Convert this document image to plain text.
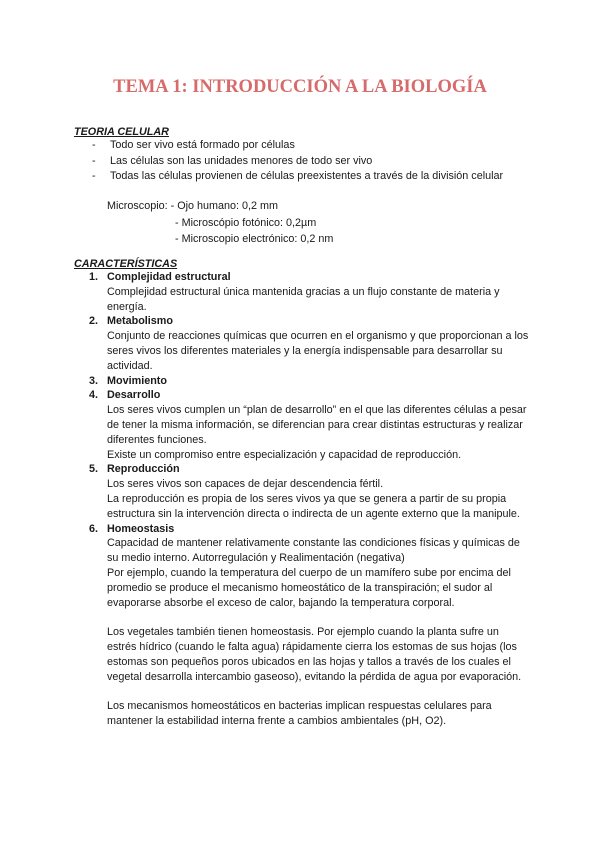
TEMA 1: INTRODUCCIÓN A LA BIOLOGÍA
TEORIA CELULAR
- Todo ser vivo está formado por células
- Las células son las unidades menores de todo ser vivo
- Todas las células provienen de células preexistentes a través de la división celular
Microscopio: - Ojo humano: 0,2 mm
- Microscópio fotónico: 0,2µm
- Microscopio electrónico: 0,2 nm
CARACTERÍSTICAS
1. Complejidad estructural

Complejidad estructural única mantenida gracias a un flujo constante de materia y energía.

2. Metabolismo

Conjunto de reacciones químicas que ocurren en el organismo y que proporcionan a los seres vivos los diferentes materiales y la energía indispensable para desarrollar su actividad.

3. Movimiento
4. Desarrollo

Los seres vivos cumplen un “plan de desarrollo” en el que las diferentes células a pesar de tener la misma información, se diferencian para crear distintas estructuras y realizar diferentes funciones.

Existe un compromiso entre especialización y capacidad de reproducción.

5. Reproducción

Los seres vivos son capaces de dejar descendencia fértil.

La reproducción es propia de los seres vivos ya que se genera a partir de su propia estructura sin la intervención directa o indirecta de un agente externo que la manipule.

6. Homeostasis

Capacidad de mantener relativamente constante las condiciones físicas y químicas de su medio interno. Autorregulación y Realimentación (negativa)

Por ejemplo, cuando la temperatura del cuerpo de un mamífero sube por encima del promedio se produce el mecanismo homeostático de la transpiración; el sudor al evaporarse absorbe el exceso de calor, bajando la temperatura corporal.

Los vegetales también tienen homeostasis. Por ejemplo cuando la planta sufre un estrés hídrico (cuando le falta agua) rápidamente cierra los estomas de sus hojas (los estomas son pequeños poros ubicados en las hojas y tallos a través de los cuales el vegetal desarrolla intercambio gaseoso), evitando la pérdida de agua por evaporación.

Los mecanismos homeostáticos en bacterias implican respuestas celulares para mantener la estabilidad interna frente a cambios ambientales (pH, O2).
